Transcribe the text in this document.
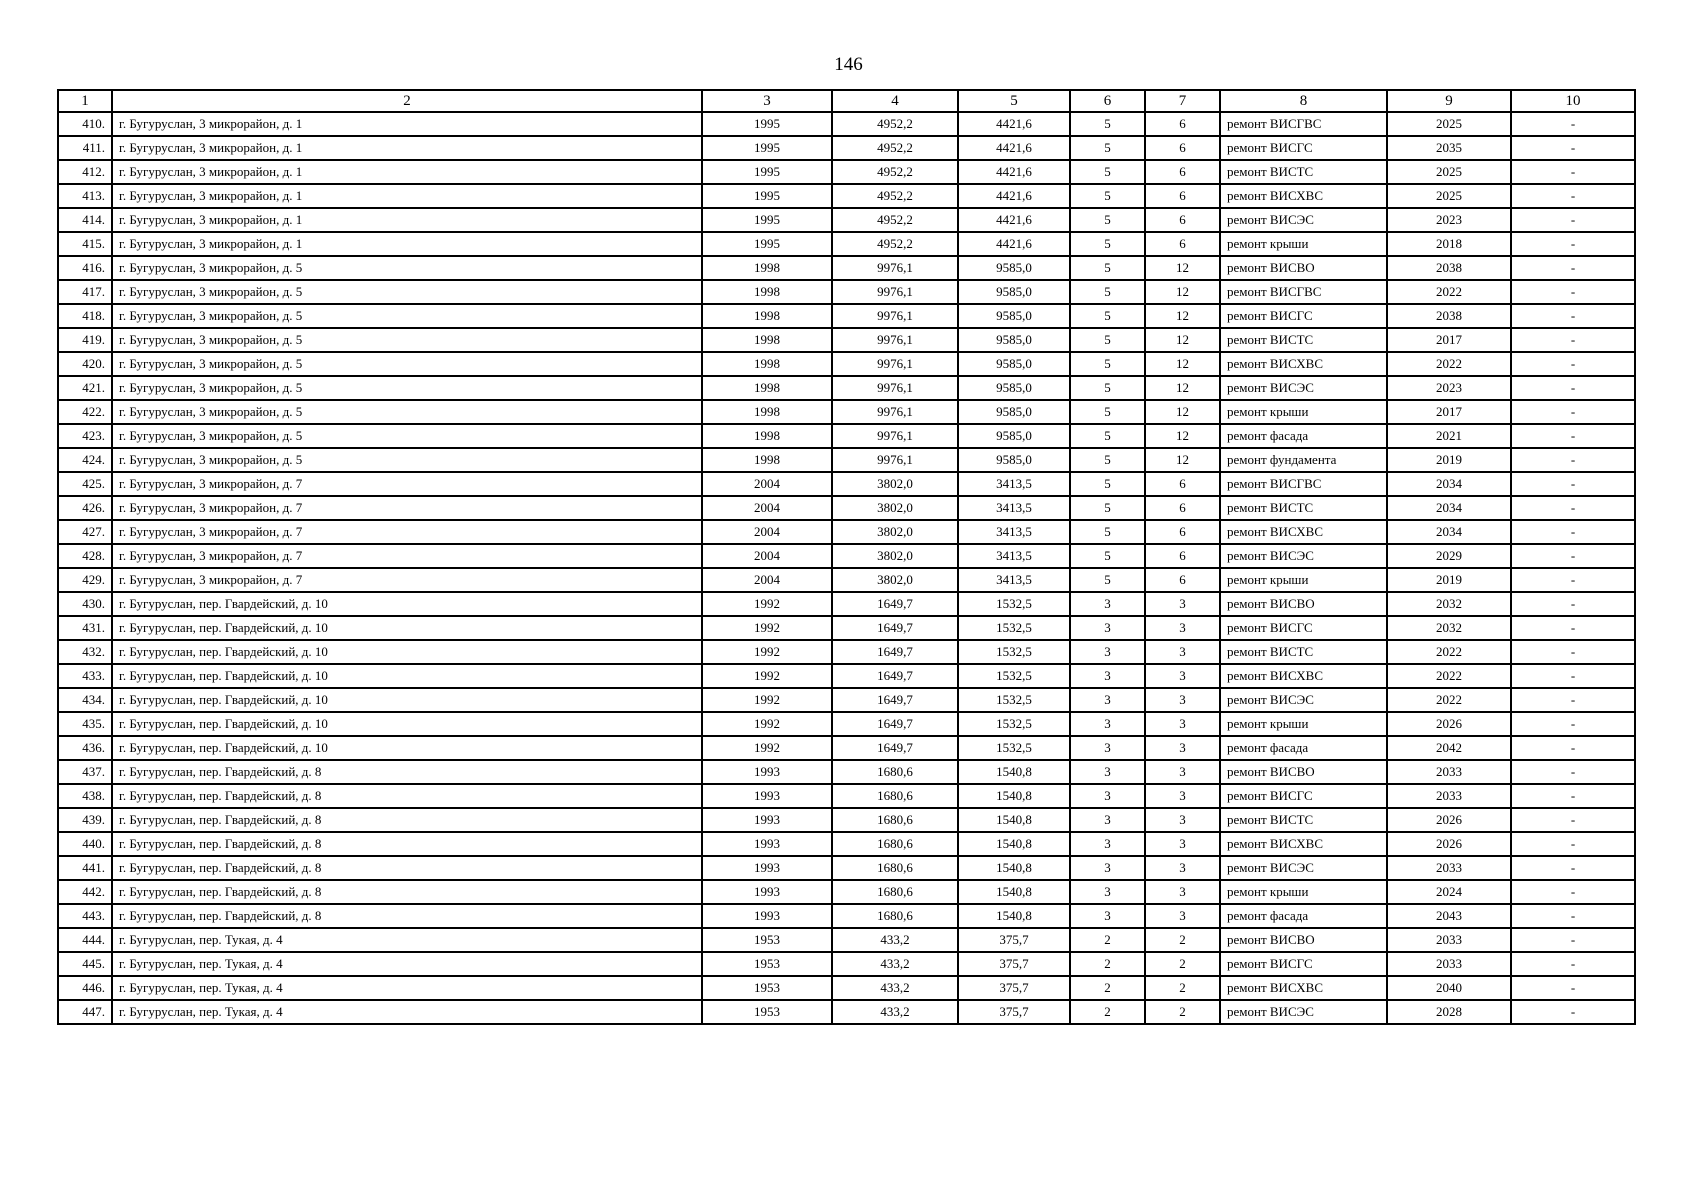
146
1	2	3	4	5	6	7	8	9	10
410.	г. Бугуруслан, 3 микрорайон, д. 1	1995	4952,2	4421,6	5	6	ремонт ВИСГВС	2025	-
411.	г. Бугуруслан, 3 микрорайон, д. 1	1995	4952,2	4421,6	5	6	ремонт ВИСГС	2035	-
412.	г. Бугуруслан, 3 микрорайон, д. 1	1995	4952,2	4421,6	5	6	ремонт ВИСТС	2025	-
413.	г. Бугуруслан, 3 микрорайон, д. 1	1995	4952,2	4421,6	5	6	ремонт ВИСХВС	2025	-
414.	г. Бугуруслан, 3 микрорайон, д. 1	1995	4952,2	4421,6	5	6	ремонт ВИСЭС	2023	-
415.	г. Бугуруслан, 3 микрорайон, д. 1	1995	4952,2	4421,6	5	6	ремонт крыши	2018	-
416.	г. Бугуруслан, 3 микрорайон, д. 5	1998	9976,1	9585,0	5	12	ремонт ВИСВО	2038	-
417.	г. Бугуруслан, 3 микрорайон, д. 5	1998	9976,1	9585,0	5	12	ремонт ВИСГВС	2022	-
418.	г. Бугуруслан, 3 микрорайон, д. 5	1998	9976,1	9585,0	5	12	ремонт ВИСГС	2038	-
419.	г. Бугуруслан, 3 микрорайон, д. 5	1998	9976,1	9585,0	5	12	ремонт ВИСТС	2017	-
420.	г. Бугуруслан, 3 микрорайон, д. 5	1998	9976,1	9585,0	5	12	ремонт ВИСХВС	2022	-
421.	г. Бугуруслан, 3 микрорайон, д. 5	1998	9976,1	9585,0	5	12	ремонт ВИСЭС	2023	-
422.	г. Бугуруслан, 3 микрорайон, д. 5	1998	9976,1	9585,0	5	12	ремонт крыши	2017	-
423.	г. Бугуруслан, 3 микрорайон, д. 5	1998	9976,1	9585,0	5	12	ремонт фасада	2021	-
424.	г. Бугуруслан, 3 микрорайон, д. 5	1998	9976,1	9585,0	5	12	ремонт фундамента	2019	-
425.	г. Бугуруслан, 3 микрорайон, д. 7	2004	3802,0	3413,5	5	6	ремонт ВИСГВС	2034	-
426.	г. Бугуруслан, 3 микрорайон, д. 7	2004	3802,0	3413,5	5	6	ремонт ВИСТС	2034	-
427.	г. Бугуруслан, 3 микрорайон, д. 7	2004	3802,0	3413,5	5	6	ремонт ВИСХВС	2034	-
428.	г. Бугуруслан, 3 микрорайон, д. 7	2004	3802,0	3413,5	5	6	ремонт ВИСЭС	2029	-
429.	г. Бугуруслан, 3 микрорайон, д. 7	2004	3802,0	3413,5	5	6	ремонт крыши	2019	-
430.	г. Бугуруслан, пер. Гвардейский, д. 10	1992	1649,7	1532,5	3	3	ремонт ВИСВО	2032	-
431.	г. Бугуруслан, пер. Гвардейский, д. 10	1992	1649,7	1532,5	3	3	ремонт ВИСГС	2032	-
432.	г. Бугуруслан, пер. Гвардейский, д. 10	1992	1649,7	1532,5	3	3	ремонт ВИСТС	2022	-
433.	г. Бугуруслан, пер. Гвардейский, д. 10	1992	1649,7	1532,5	3	3	ремонт ВИСХВС	2022	-
434.	г. Бугуруслан, пер. Гвардейский, д. 10	1992	1649,7	1532,5	3	3	ремонт ВИСЭС	2022	-
435.	г. Бугуруслан, пер. Гвардейский, д. 10	1992	1649,7	1532,5	3	3	ремонт крыши	2026	-
436.	г. Бугуруслан, пер. Гвардейский, д. 10	1992	1649,7	1532,5	3	3	ремонт фасада	2042	-
437.	г. Бугуруслан, пер. Гвардейский, д. 8	1993	1680,6	1540,8	3	3	ремонт ВИСВО	2033	-
438.	г. Бугуруслан, пер. Гвардейский, д. 8	1993	1680,6	1540,8	3	3	ремонт ВИСГС	2033	-
439.	г. Бугуруслан, пер. Гвардейский, д. 8	1993	1680,6	1540,8	3	3	ремонт ВИСТС	2026	-
440.	г. Бугуруслан, пер. Гвардейский, д. 8	1993	1680,6	1540,8	3	3	ремонт ВИСХВС	2026	-
441.	г. Бугуруслан, пер. Гвардейский, д. 8	1993	1680,6	1540,8	3	3	ремонт ВИСЭС	2033	-
442.	г. Бугуруслан, пер. Гвардейский, д. 8	1993	1680,6	1540,8	3	3	ремонт крыши	2024	-
443.	г. Бугуруслан, пер. Гвардейский, д. 8	1993	1680,6	1540,8	3	3	ремонт фасада	2043	-
444.	г. Бугуруслан, пер. Тукая, д. 4	1953	433,2	375,7	2	2	ремонт ВИСВО	2033	-
445.	г. Бугуруслан, пер. Тукая, д. 4	1953	433,2	375,7	2	2	ремонт ВИСГС	2033	-
446.	г. Бугуруслан, пер. Тукая, д. 4	1953	433,2	375,7	2	2	ремонт ВИСХВС	2040	-
447.	г. Бугуруслан, пер. Тукая, д. 4	1953	433,2	375,7	2	2	ремонт ВИСЭС	2028	-
